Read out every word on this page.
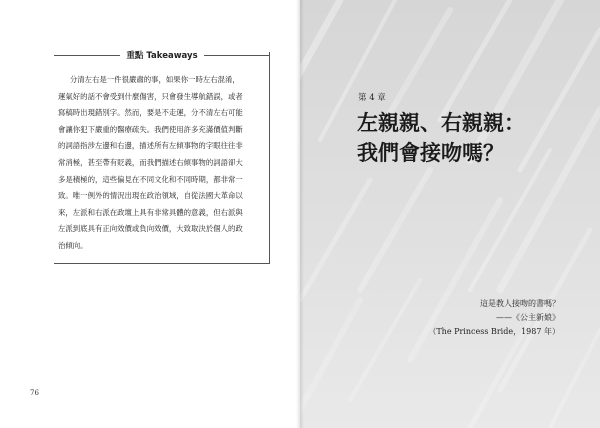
重點 Takeaways
分清左右是一件很嚴肅的事，如果你一時左右混淆，
運氣好的話不會受到什麼傷害，只會發生導航錯誤，或者
寫稿時出現錯別字。然而，要是不走運，分不清左右可能
會讓你犯下嚴重的醫療疏失。我們使用許多充滿價值判斷
的詞語指涉左邊和右邊，描述所有左傾事物的字眼往往非
常消極，甚至帶有貶義，而我們描述右傾事物的詞語卻大
多是積極的，這些偏見在不同文化和不同時期，都非常一
致。唯一例外的情況出現在政治領域，自從法國大革命以
來，左派和右派在政壇上具有非常具體的意義，但右派與
左派到底具有正向效價或負向效價，大致取決於個人的政
治傾向。
76
第 4 章
左親親、右親親：
我們會接吻嗎？
這是教人接吻的書嗎？
——《公主新娘》
（The Princess Bride，1987 年）
